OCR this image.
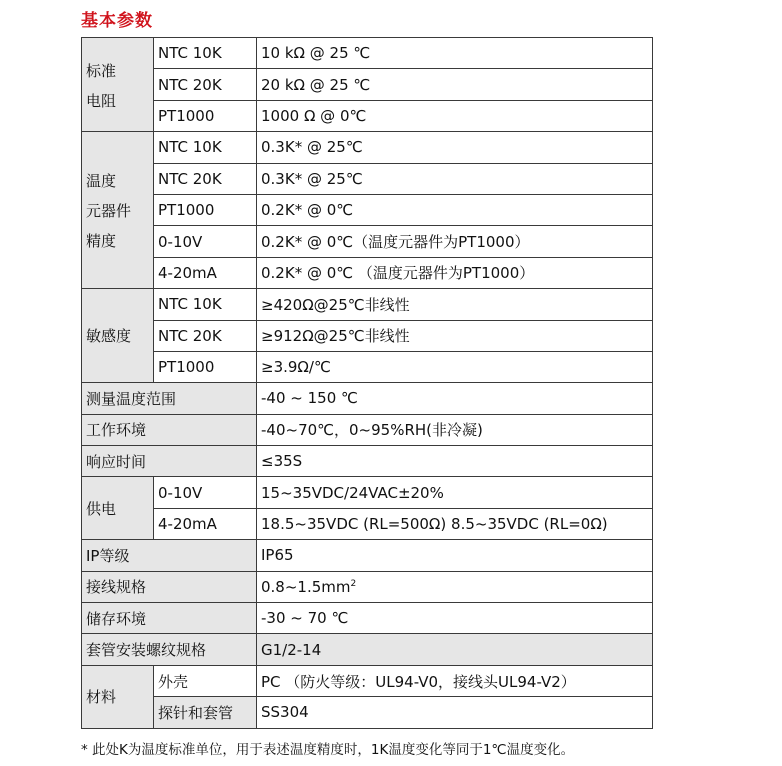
基本参数
标准
电阻	NTC 10K	10 kΩ @ 25 ℃
	NTC 20K	20 kΩ @ 25 ℃
	PT1000	1000 Ω @ 0℃

温度
元器件
精度	NTC 10K	0.3K* @ 25℃
	NTC 20K	0.3K* @ 25℃
	PT1000	0.2K* @ 0℃
	0-10V	0.2K* @ 0℃（温度元器件为PT1000）
	4-20mA	0.2K* @ 0℃ （温度元器件为PT1000）
敏感度	NTC 10K	≥420Ω@25℃非线性
	NTC 20K	≥912Ω@25℃非线性
	PT1000	≥3.9Ω/℃
测量温度范围		-40 ~ 150 ℃
工作环境		-40~70℃，0~95%RH(非冷凝)
响应时间		≤35S
供电	0-10V	15~35VDC/24VAC±20%
	4-20mA	18.5~35VDC (RL=500Ω) 8.5~35VDC (RL=0Ω)
IP等级		IP65
接线规格		$0.8\sim 1.5mm^2$
储存环境		-30 ~ 70 ℃
套管安装螺纹规格		G1/2-14
材料	外壳	PC （防火等级：UL94-V0，接线头UL94-V2）
	探针和套管	SS304
* 此处K为温度标准单位，用于表述温度精度时，1K温度变化等同于1℃温度变化。
